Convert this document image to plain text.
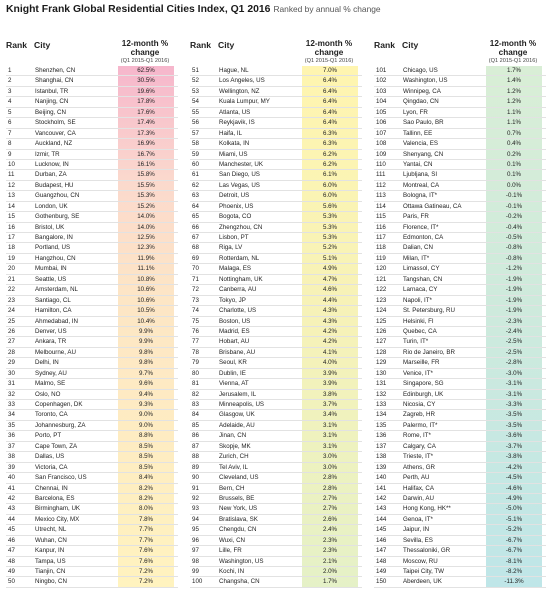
Knight Frank Global Residential Cities Index, Q1 2016 Ranked by annual % change
Rank City	12-month % change
(Q1 2015-Q1 2016)
1	Shenzhen, CN	62.5%
2	Shanghai, CN	30.5%
3	Istanbul, TR	19.6%
4	Nanjing, CN	17.8%
5	Beijing, CN	17.6%
6	Stockholm, SE	17.4%
7	Vancouver, CA	17.3%
8	Auckland, NZ	16.9%
9	Izmir, TR	16.7%
10	Lucknow, IN	16.1%
11	Durban, ZA	15.8%
12	Budapest, HU	15.5%
13	Guangzhou, CN	15.3%
14	London, UK	15.2%
15	Gothenburg, SE	14.0%
16	Bristol, UK	14.0%
17	Bangalore, IN	12.5%
18	Portland, US	12.3%
19	Hangzhou, CN	11.9%
20	Mumbai, IN	11.1%
21	Seattle, US	10.8%
22	Amsterdam, NL	10.6%
23	Santiago, CL	10.6%
24	Hamilton, CA	10.5%
25	Ahmedabad, IN	10.4%
26	Denver, US	9.9%
27	Ankara, TR	9.9%
28	Melbourne, AU	9.8%
29	Delhi, IN	9.8%
30	Sydney, AU	9.7%
31	Malmo, SE	9.6%
32	Oslo, NO	9.4%
33	Copenhagen, DK	9.3%
34	Toronto, CA	9.0%
35	Johannesburg, ZA	9.0%
36	Porto, PT	8.8%
37	Cape Town, ZA	8.5%
38	Dallas, US	8.5%
39	Victoria, CA	8.5%
40	San Francisco, US	8.4%
41	Chennai, IN	8.2%
42	Barcelona, ES	8.2%
43	Birmingham, UK	8.0%
44	Mexico City, MX	7.8%
45	Utrecht, NL	7.7%
46	Wuhan, CN	7.7%
47	Kanpur, IN	7.6%
48	Tampa, US	7.6%
49	Tianjin, CN	7.2%
50	Ningbo, CN	7.2%
Rank City	12-month % change
(Q1 2015-Q1 2016)
51	Hague, NL	7.0%
52	Los Angeles, US	6.4%
53	Wellington, NZ	6.4%
54	Kuala Lumpur, MY	6.4%
55	Atlanta, US	6.4%
56	Reykjavik, IS	6.4%
57	Haifa, IL	6.3%
58	Kolkata, IN	6.3%
59	Miami, US	6.2%
60	Manchester, UK	6.2%
61	San Diego, US	6.1%
62	Las Vegas, US	6.0%
63	Detroit, US	6.0%
64	Phoenix, US	5.6%
65	Bogota, CO	5.3%
66	Zhengzhou, CN	5.3%
67	Lisbon, PT	5.3%
68	Riga, LV	5.2%
69	Rotterdam, NL	5.1%
70	Malaga, ES	4.9%
71	Nottingham, UK	4.7%
72	Canberra, AU	4.6%
73	Tokyo, JP	4.4%
74	Charlotte, US	4.3%
75	Boston, US	4.3%
76	Madrid, ES	4.2%
77	Hobart, AU	4.2%
78	Brisbane, AU	4.1%
79	Seoul, KR	4.0%
80	Dublin, IE	3.9%
81	Vienna, AT	3.9%
82	Jerusalem, IL	3.8%
83	Minneapolis, US	3.7%
84	Glasgow, UK	3.4%
85	Adelaide, AU	3.1%
86	Jinan, CN	3.1%
87	Skopje, MK	3.1%
88	Zurich, CH	3.0%
89	Tel Aviv, IL	3.0%
90	Cleveland, US	2.8%
91	Bern, CH	2.8%
92	Brussels, BE	2.7%
93	New York, US	2.7%
94	Bratislava, SK	2.6%
95	Chengdu, CN	2.4%
96	Wuxi, CN	2.3%
97	Lille, FR	2.3%
98	Washington, US	2.1%
99	Kochi, IN	2.0%
100	Changsha, CN	1.7%
Rank City	12-month % change
(Q1 2015-Q1 2016)
101	Chicago, US	1.7%
102	Washington, US	1.4%
103	Winnipeg, CA	1.2%
104	Qingdao, CN	1.2%
105	Lyon, FR	1.1%
106	Sao Paulo, BR	1.1%
107	Tallinn, EE	0.7%
108	Valencia, ES	0.4%
109	Shenyang, CN	0.2%
110	Yantai, CN	0.1%
111	Ljubljana, SI	0.1%
112	Montreal, CA	0.0%
113	Bologna, IT*	-0.1%
114	Ottawa Gatineau, CA	-0.1%
115	Paris, FR	-0.2%
116	Florence, IT*	-0.4%
117	Edmonton, CA	-0.5%
118	Dalian, CN	-0.8%
119	Milan, IT*	-0.8%
120	Limassol, CY	-1.2%
121	Tangshan, CN	-1.9%
122	Larnaca, CY	-1.9%
123	Napoli, IT*	-1.9%
124	St. Petersburg, RU	-1.9%
125	Helsinki, FI	-2.3%
126	Quebec, CA	-2.4%
127	Turin, IT*	-2.5%
128	Rio de Janeiro, BR	-2.5%
129	Marseille, FR	-2.8%
130	Venice, IT*	-3.0%
131	Singapore, SG	-3.1%
132	Edinburgh, UK	-3.1%
133	Nicosia, CY	-3.3%
134	Zagreb, HR	-3.5%
135	Palermo, IT*	-3.5%
136	Rome, IT*	-3.6%
137	Calgary, CA	-3.7%
138	Trieste, IT*	-3.8%
139	Athens, GR	-4.2%
140	Perth, AU	-4.5%
141	Halifax, CA	-4.6%
142	Darwin, AU	-4.9%
143	Hong Kong, HK**	-5.0%
144	Genoa, IT*	-5.1%
145	Jaipur, IN	-5.2%
146	Sevilla, ES	-6.7%
147	Thessaloniki, GR	-6.7%
148	Moscow, RU	-8.1%
149	Taipei City, TW	-8.2%
150	Aberdeen, UK	-11.3%
